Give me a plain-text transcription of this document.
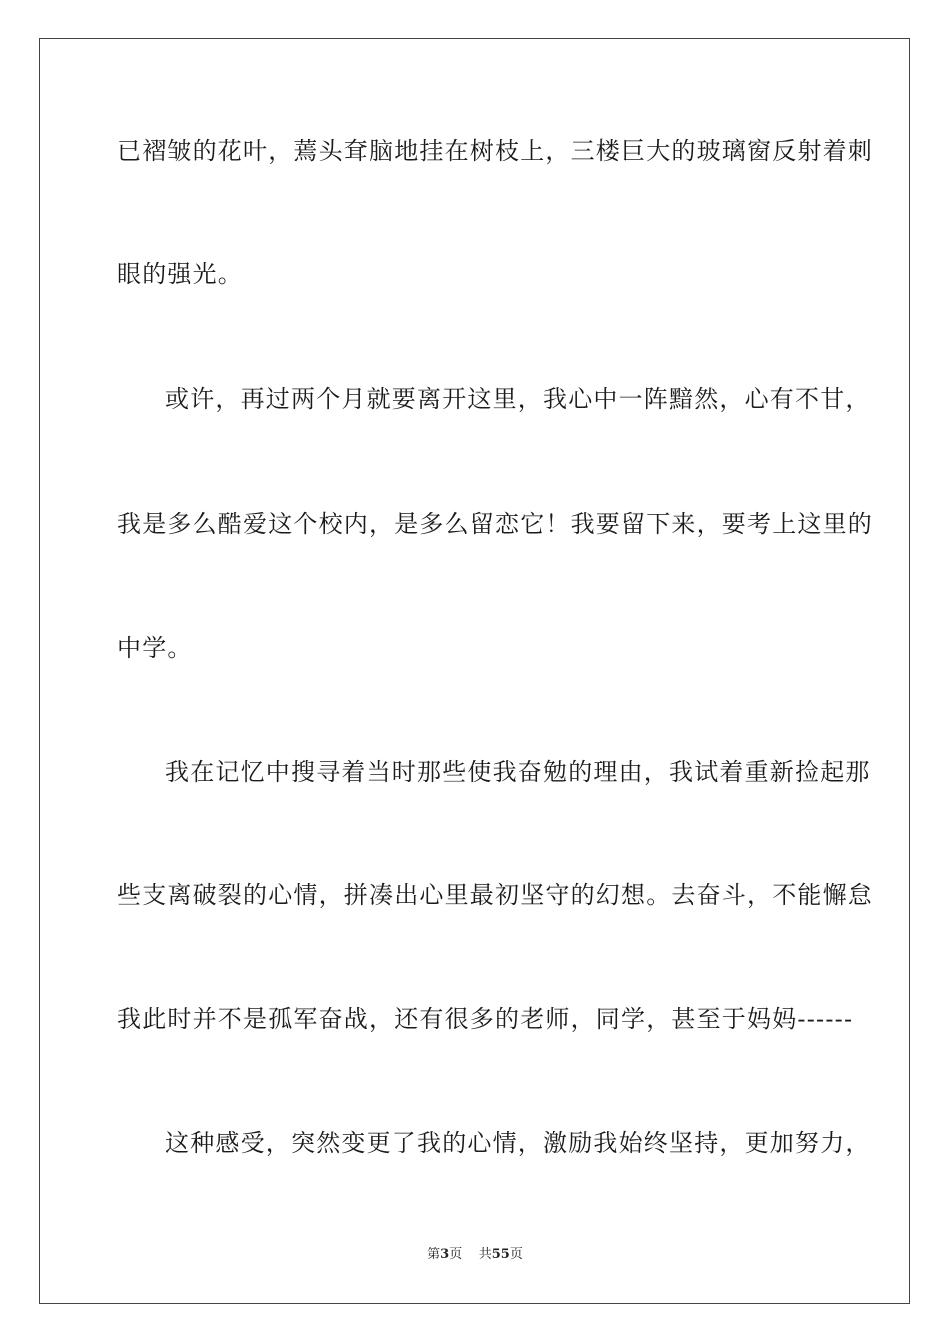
已褶皱的花叶，蔫头耷脑地挂在树枝上，三楼巨大的玻璃窗反射着刺
眼的强光。
或许，再过两个月就要离开这里，我心中一阵黯然，心有不甘，
我是多么酷爱这个校内，是多么留恋它！我要留下来，要考上这里的
中学。
我在记忆中搜寻着当时那些使我奋勉的理由，我试着重新捡起那
些支离破裂的心情，拼凑出心里最初坚守的幻想。去奋斗，不能懈怠
我此时并不是孤军奋战，还有很多的老师，同学，甚至于妈妈------
这种感受，突然变更了我的心情，激励我始终坚持，更加努力，
第3页 共55页
